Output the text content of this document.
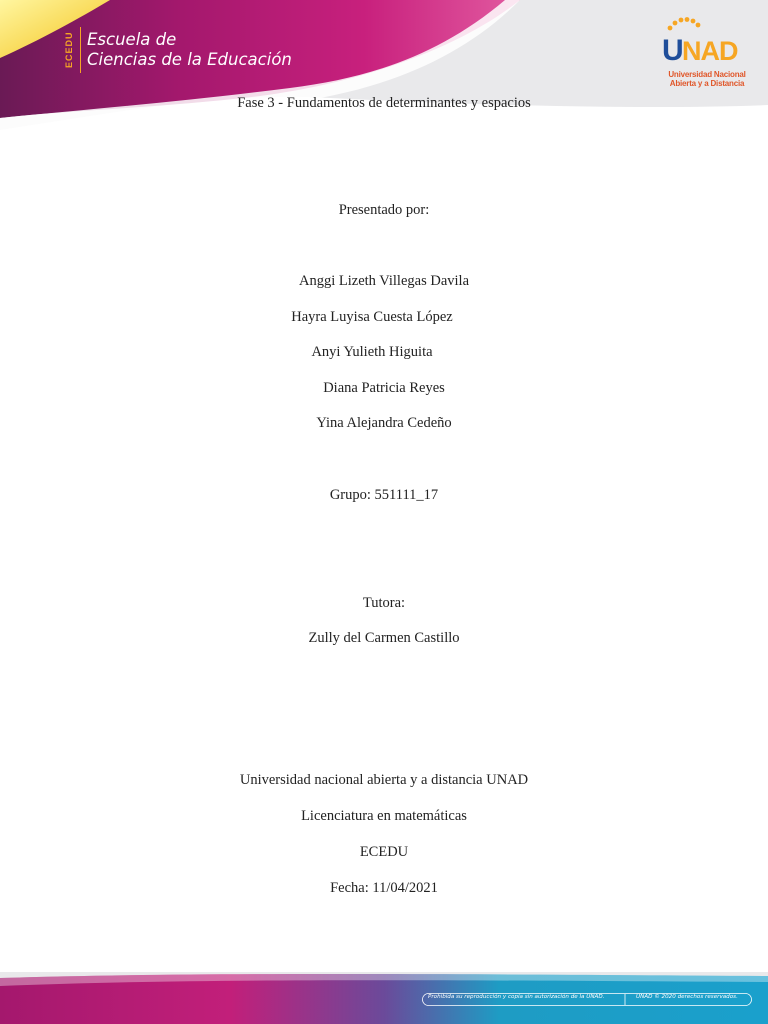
ECEDU Escuela de
Ciencias de la Educación	U NAD
Universidad Nacional
Abierta y a Distancia
Fase 3 - Fundamentos de determinantes y espacios
Presentado por:
Anggi Lizeth Villegas Davila
Hayra Luyisa Cuesta López
Anyi Yulieth Higuita
Diana Patricia Reyes
Yina Alejandra Cedeño
Grupo: 551111_17
Tutora:
Zully del Carmen Castillo
Universidad nacional abierta y a distancia UNAD
Licenciatura en matemáticas
ECEDU
Fecha: 11/04/2021
Prohibida su reproducción y copia sin autorización de la UNAD.	UNAD © 2020 derechos reservados.
